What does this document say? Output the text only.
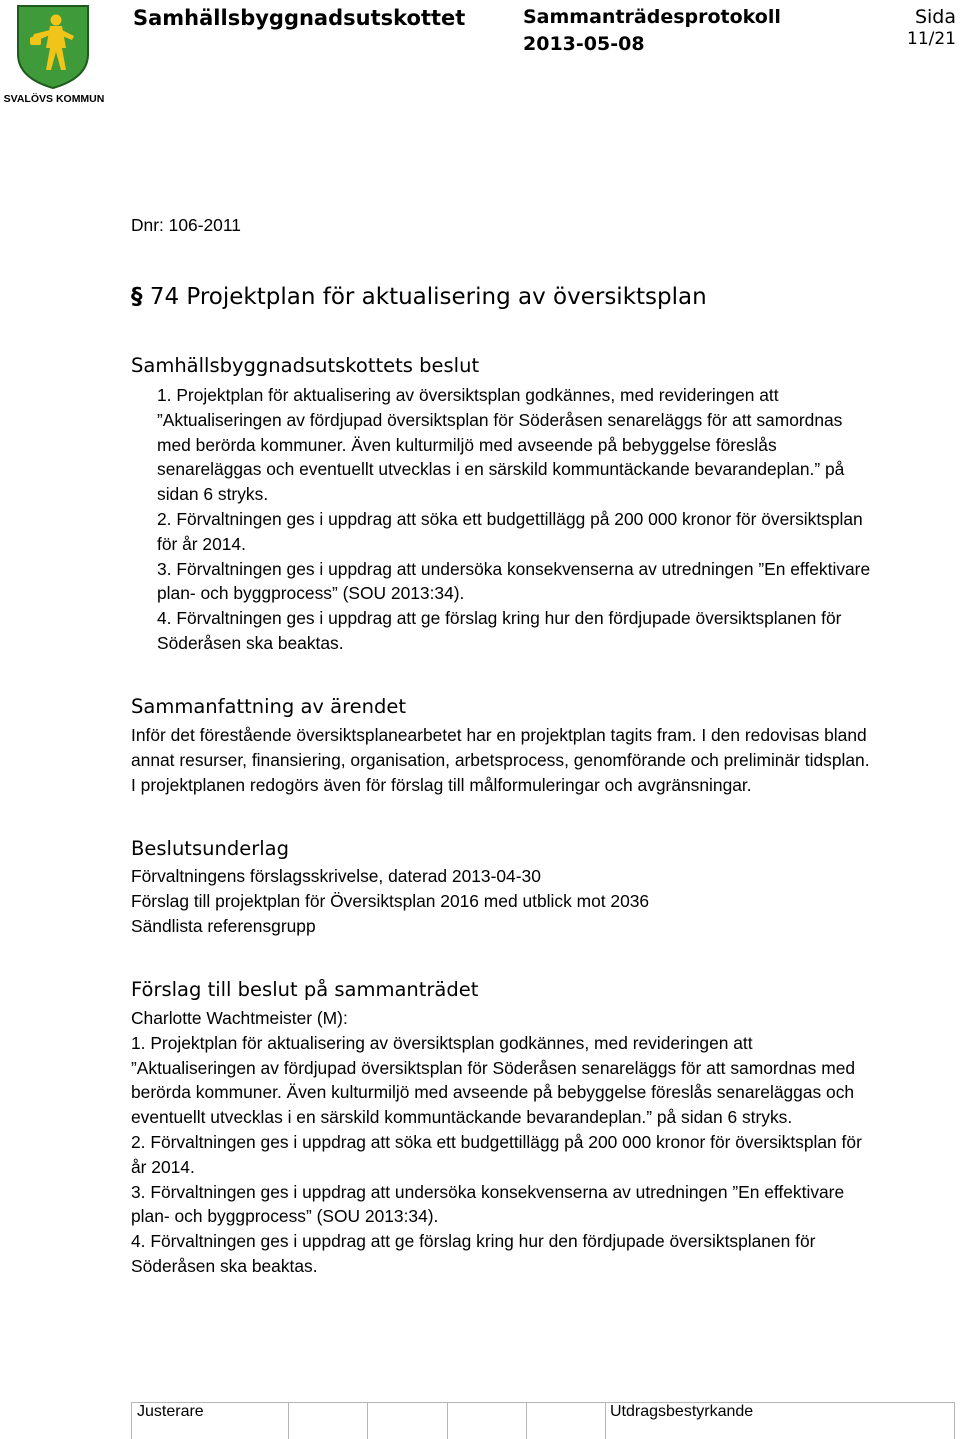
SVALÖVS KOMMUN
Samhällsbyggnadsutskottet	Sammanträdesprotokoll
2013-05-08
Sida
11/21
Dnr: 106-2011
§ 74 Projektplan för aktualisering av översiktsplan
Samhällsbyggnadsutskottets beslut

1. Projektplan för aktualisering av översiktsplan godkännes, med revideringen att

”Aktualiseringen av fördjupad översiktsplan för Söderåsen senareläggs för att samordnas

med berörda kommuner. Även kulturmiljö med avseende på bebyggelse föreslås

senareläggas och eventuellt utvecklas i en särskild kommuntäckande bevarandeplan.” på

sidan 6 stryks.

2. Förvaltningen ges i uppdrag att söka ett budgettillägg på 200 000 kronor för översiktsplan

för år 2014.

3. Förvaltningen ges i uppdrag att undersöka konsekvenserna av utredningen ”En effektivare

plan- och byggprocess” (SOU 2013:34).

4. Förvaltningen ges i uppdrag att ge förslag kring hur den fördjupade översiktsplanen för

Söderåsen ska beaktas.

Sammanfattning av ärendet

Inför det förestående översiktsplanearbetet har en projektplan tagits fram. I den redovisas bland

annat resurser, finansiering, organisation, arbetsprocess, genomförande och preliminär tidsplan.

I projektplanen redogörs även för förslag till målformuleringar och avgränsningar.

Beslutsunderlag

Förvaltningens förslagsskrivelse, daterad 2013-04-30

Förslag till projektplan för Översiktsplan 2016 med utblick mot 2036

Sändlista referensgrupp

Förslag till beslut på sammanträdet

Charlotte Wachtmeister (M):

1. Projektplan för aktualisering av översiktsplan godkännes, med revideringen att

”Aktualiseringen av fördjupad översiktsplan för Söderåsen senareläggs för att samordnas med

berörda kommuner. Även kulturmiljö med avseende på bebyggelse föreslås senareläggas och

eventuellt utvecklas i en särskild kommuntäckande bevarandeplan.” på sidan 6 stryks.

2. Förvaltningen ges i uppdrag att söka ett budgettillägg på 200 000 kronor för översiktsplan för

år 2014.

3. Förvaltningen ges i uppdrag att undersöka konsekvenserna av utredningen ”En effektivare

plan- och byggprocess” (SOU 2013:34).

4. Förvaltningen ges i uppdrag att ge förslag kring hur den fördjupade översiktsplanen för

Söderåsen ska beaktas.

Justerare	Utdragsbestyrkande
